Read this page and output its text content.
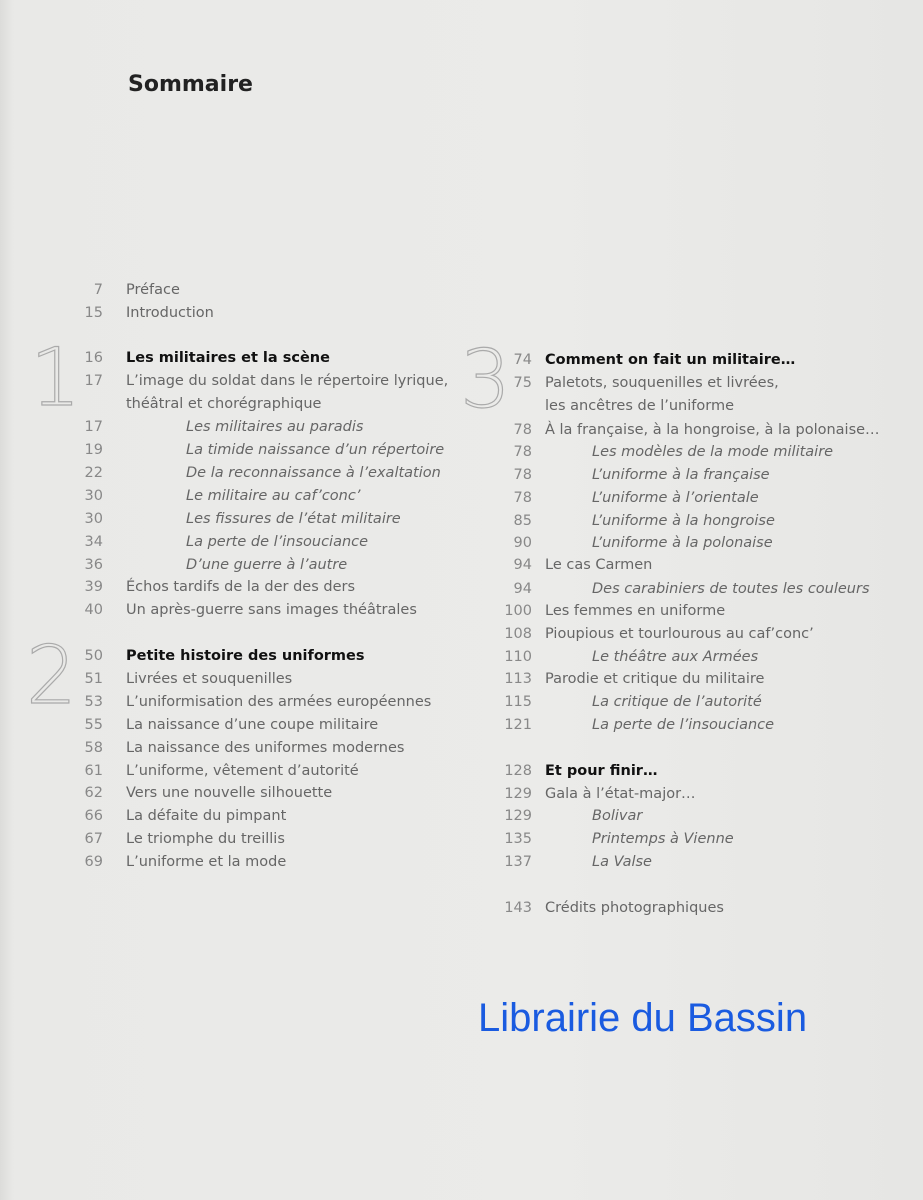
Sommaire
1
2
3
7 Préface
15 Introduction
16 Les militaires et la scène
17 L’image du soldat dans le répertoire lyrique,
théâtral et chorégraphique
17	Les militaires au paradis
19	La timide naissance d’un répertoire
22	De la reconnaissance à l’exaltation
30	Le militaire au caf’conc’
30	Les fissures de l’état militaire
34	La perte de l’insouciance
36	D’une guerre à l’autre
39 Échos tardifs de la der des ders
40 Un après-guerre sans images théâtrales
50 Petite histoire des uniformes
51 Livrées et souquenilles
53 L’uniformisation des armées européennes
55 La naissance d’une coupe militaire
58 La naissance des uniformes modernes
61 L’uniforme, vêtement d’autorité
62 Vers une nouvelle silhouette
66 La défaite du pimpant
67 Le triomphe du treillis
69 L’uniforme et la mode
74 Comment on fait un militaire…
75 Paletots, souquenilles et livrées,
les ancêtres de l’uniforme
78 À la française, à la hongroise, à la polonaise…
78	Les modèles de la mode militaire
78	L’uniforme à la française
78	L’uniforme à l’orientale
85	L’uniforme à la hongroise
90	L’uniforme à la polonaise
94 Le cas Carmen
94	Des carabiniers de toutes les couleurs
100 Les femmes en uniforme
108 Pioupious et tourlourous au caf’conc’
110	Le théâtre aux Armées
113 Parodie et critique du militaire
115	La critique de l’autorité
121	La perte de l’insouciance
128 Et pour finir…
129 Gala à l’état-major…
129	Bolivar
135	Printemps à Vienne
137	La Valse
143 Crédits photographiques
Librairie du Bassin
